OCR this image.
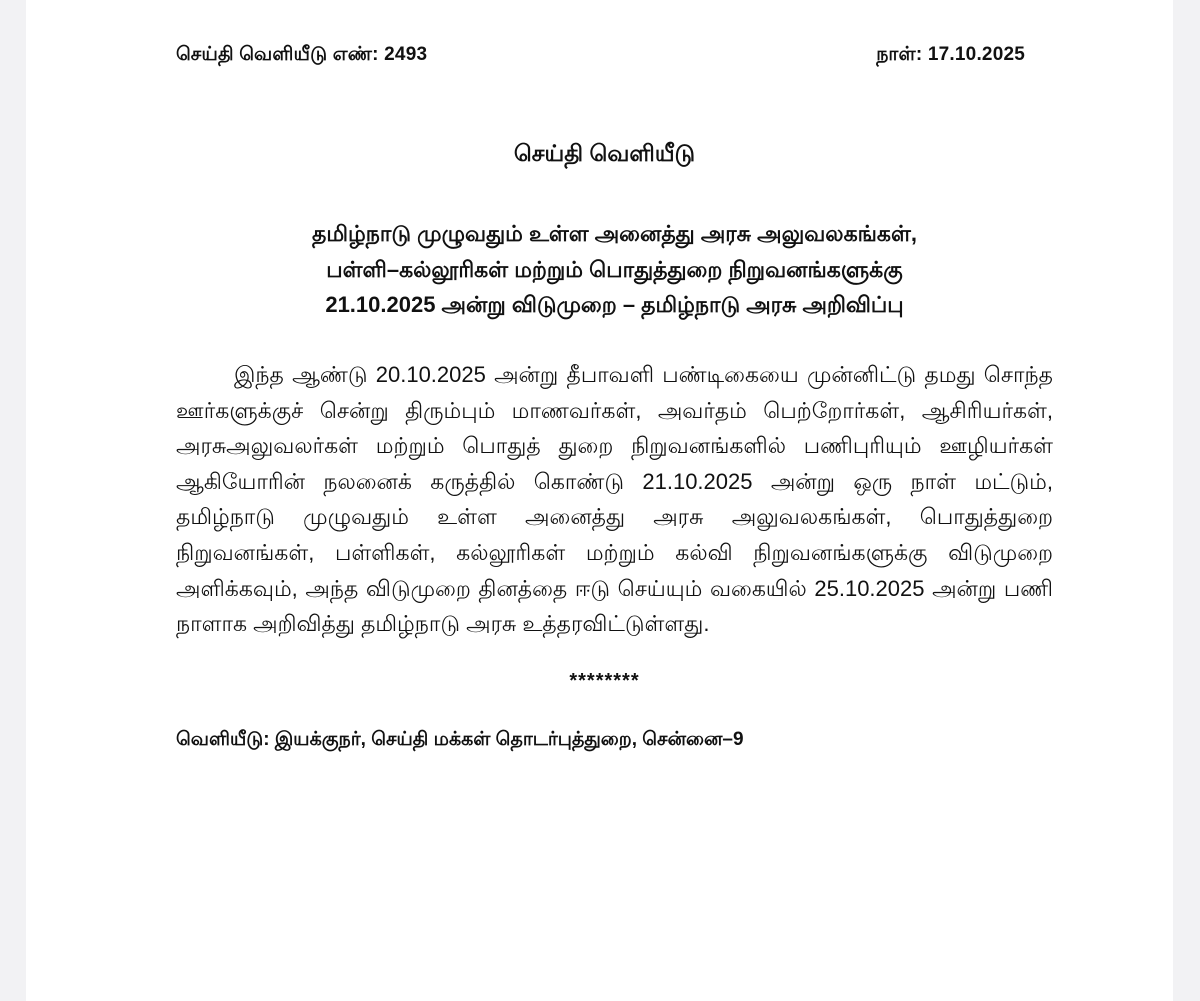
செய்தி வெளியீடு எண்: 2493	நாள்: 17.10.2025
செய்தி வெளியீடு
தமிழ்நாடு முழுவதும் உள்ள அனைத்து அரசு அலுவலகங்கள்,
பள்ளி–கல்லூரிகள் மற்றும் பொதுத்துறை நிறுவனங்களுக்கு
21.10.2025 அன்று விடுமுறை – தமிழ்நாடு அரசு அறிவிப்பு
இந்த ஆண்டு 20.10.2025 அன்று தீபாவளி பண்டிகையை முன்னிட்டு தமது சொந்த ஊர்களுக்குச் சென்று திரும்பும் மாணவர்கள், அவர்தம் பெற்றோர்கள், ஆசிரியர்கள், அரசுஅலுவலர்கள் மற்றும் பொதுத் துறை நிறுவனங்களில் பணிபுரியும் ஊழியர்கள் ஆகியோரின் நலனைக் கருத்தில் கொண்டு 21.10.2025 அன்று ஒரு நாள் மட்டும், தமிழ்நாடு முழுவதும் உள்ள அனைத்து அரசு அலுவலகங்கள், பொதுத்துறை நிறுவனங்கள், பள்ளிகள், கல்லூரிகள் மற்றும் கல்வி நிறுவனங்களுக்கு விடுமுறை அளிக்கவும், அந்த விடுமுறை தினத்தை ஈடு செய்யும் வகையில் 25.10.2025 அன்று பணி நாளாக அறிவித்து தமிழ்நாடு அரசு உத்தரவிட்டுள்ளது.
********
வெளியீடு: இயக்குநர், செய்தி மக்கள் தொடர்புத்துறை, சென்னை–9
